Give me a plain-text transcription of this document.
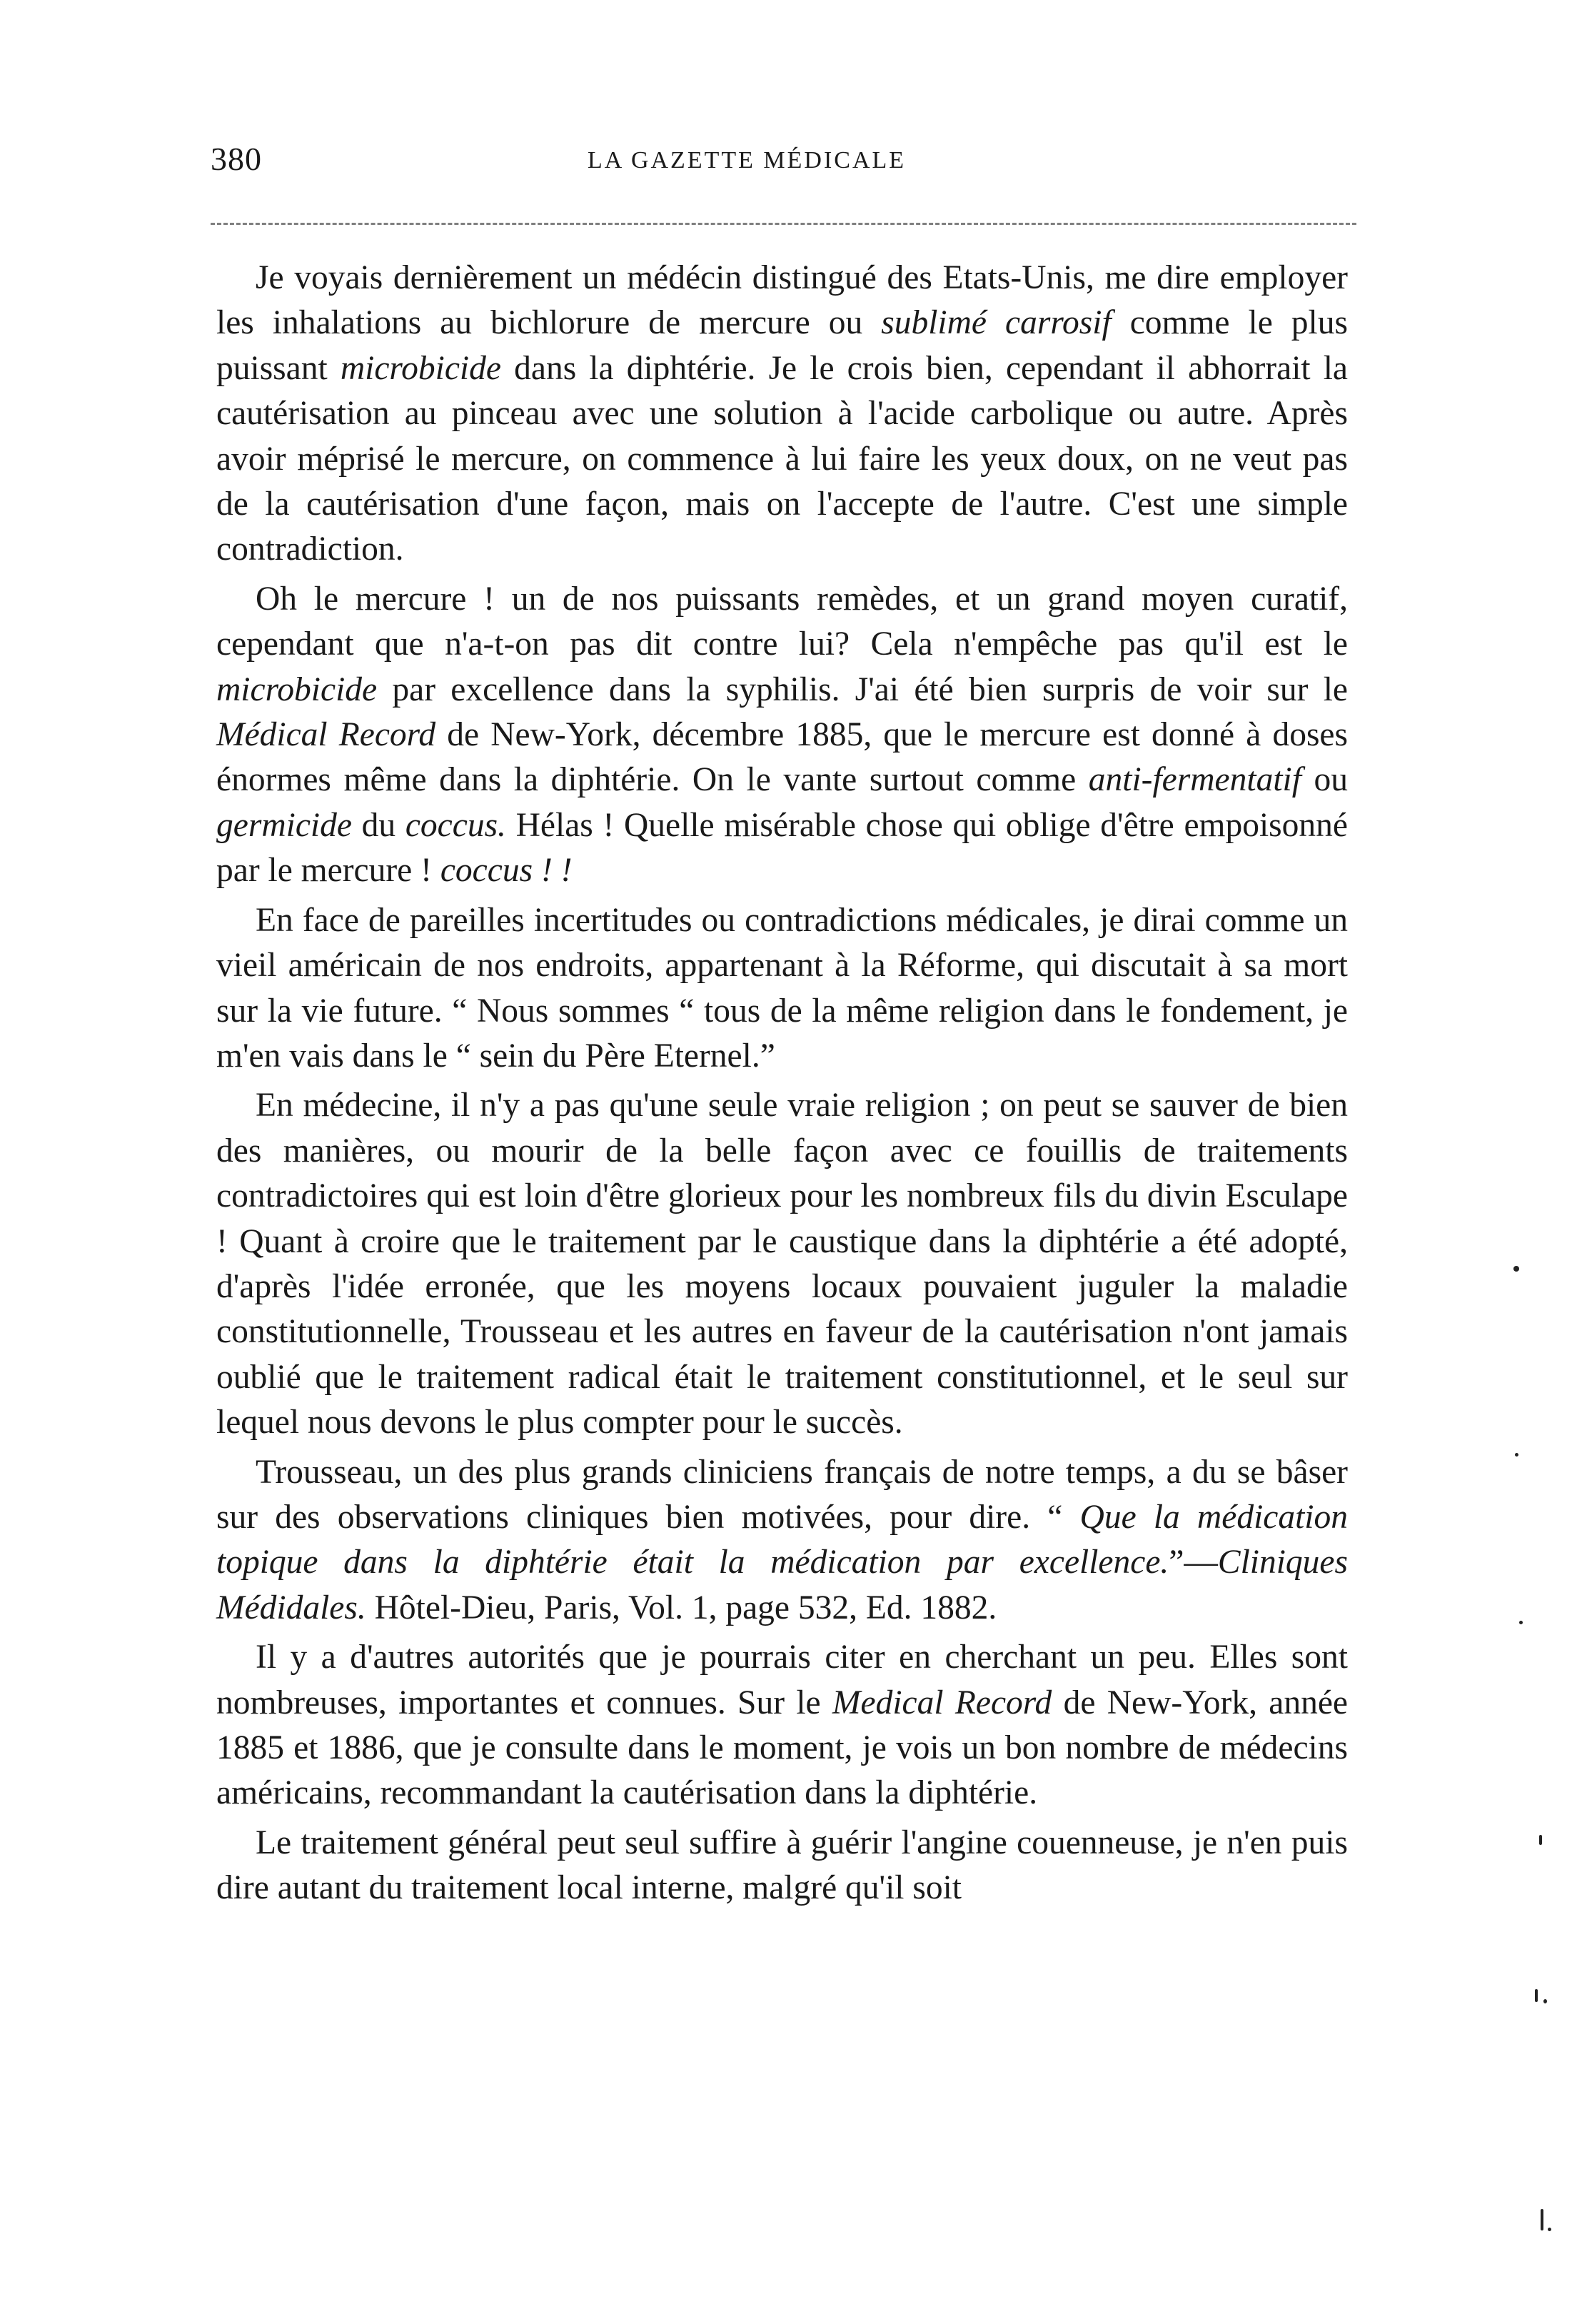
380	LA GAZETTE MÉDICALE

Je voyais dernièrement un médécin distingué des Etats-Unis, me dire employer les inhalations au bichlorure de mercure ou sublimé carrosif comme le plus puissant microbicide dans la diphtérie. Je le crois bien, cependant il abhorrait la cautérisation au pinceau avec une solution à l'acide carbolique ou autre. Après avoir méprisé le mercure, on commence à lui faire les yeux doux, on ne veut pas de la cautérisation d'une façon, mais on l'accepte de l'autre. C'est une simple contradiction.

Oh le mercure ! un de nos puissants remèdes, et un grand moyen curatif, cependant que n'a-t-on pas dit contre lui? Cela n'empêche pas qu'il est le microbicide par excellence dans la syphilis. J'ai été bien surpris de voir sur le Médical Record de New-York, décembre 1885, que le mercure est donné à doses énormes même dans la diphtérie. On le vante surtout comme anti-fermentatif ou germicide du coccus. Hélas ! Quelle misérable chose qui oblige d'être empoisonné par le mercure ! coccus ! !

En face de pareilles incertitudes ou contradictions médicales, je dirai comme un vieil américain de nos endroits, appartenant à la Réforme, qui discutait à sa mort sur la vie future. “ Nous sommes “ tous de la même religion dans le fondement, je m'en vais dans le “ sein du Père Eternel.”

En médecine, il n'y a pas qu'une seule vraie religion ; on peut se sauver de bien des manières, ou mourir de la belle façon avec ce fouillis de traitements contradictoires qui est loin d'être glorieux pour les nombreux fils du divin Esculape ! Quant à croire que le traitement par le caustique dans la diphtérie a été adopté, d'après l'idée erronée, que les moyens locaux pouvaient juguler la maladie constitutionnelle, Trousseau et les autres en faveur de la cautérisation n'ont jamais oublié que le traitement radical était le traitement constitutionnel, et le seul sur lequel nous devons le plus compter pour le succès.

Trousseau, un des plus grands cliniciens français de notre temps, a du se bâser sur des observations cliniques bien motivées, pour dire. “ Que la médication topique dans la diphtérie était la médication par excellence.”—Cliniques Médidales. Hôtel-Dieu, Paris, Vol. 1, page 532, Ed. 1882.

Il y a d'autres autorités que je pourrais citer en cherchant un peu. Elles sont nombreuses, importantes et connues. Sur le Medical Record de New-York, année 1885 et 1886, que je consulte dans le moment, je vois un bon nombre de médecins américains, recommandant la cautérisation dans la diphtérie.

Le traitement général peut seul suffire à guérir l'angine couenneuse, je n'en puis dire autant du traitement local interne, malgré qu'il soit
